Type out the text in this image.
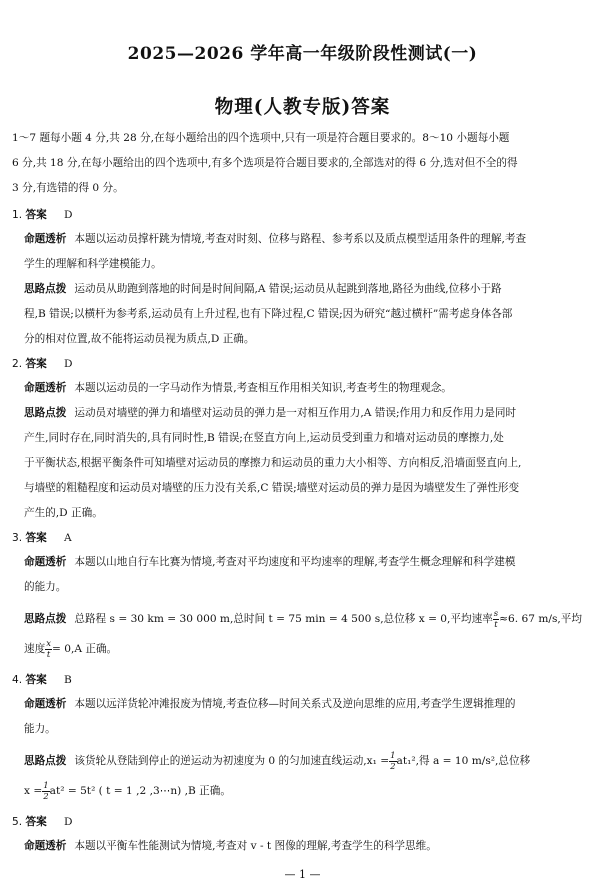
2025—2026 学年高一年级阶段性测试(一)
物理(人教专版)答案
1～7 题每小题 4 分,共 28 分,在每小题给出的四个选项中,只有一项是符合题目要求的。8～10 小题每小题
6 分,共 18 分,在每小题给出的四个选项中,有多个选项是符合题目要求的,全部选对的得 6 分,选对但不全的得
3 分,有选错的得 0 分。
1. 答案 D
命题透析 本题以运动员撑杆跳为情境,考查对时刻、位移与路程、参考系以及质点模型适用条件的理解,考查
学生的理解和科学建模能力。
思路点拨 运动员从助跑到落地的时间是时间间隔,A 错误;运动员从起跳到落地,路径为曲线,位移小于路
程,B 错误;以横杆为参考系,运动员有上升过程,也有下降过程,C 错误;因为研究“越过横杆”需考虑身体各部
分的相对位置,故不能将运动员视为质点,D 正确。
2. 答案 D
命题透析 本题以运动员的一字马动作为情景,考查相互作用相关知识,考查考生的物理观念。
思路点拨 运动员对墙壁的弹力和墙壁对运动员的弹力是一对相互作用力,A 错误;作用力和反作用力是同时
产生,同时存在,同时消失的,具有同时性,B 错误;在竖直方向上,运动员受到重力和墙对运动员的摩擦力,处
于平衡状态,根据平衡条件可知墙壁对运动员的摩擦力和运动员的重力大小相等、方向相反,沿墙面竖直向上,
与墙壁的粗糙程度和运动员对墙壁的压力没有关系,C 错误;墙壁对运动员的弹力是因为墙壁发生了弹性形变
产生的,D 正确。
3. 答案 A
命题透析 本题以山地自行车比赛为情境,考查对平均速度和平均速率的理解,考查学生概念理解和科学建模
的能力。
思路点拨 总路程 s = 30 km = 30 000 m,总时间 t = 75 min = 4 500 s,总位移 x = 0,平均速率 $\frac{s}{t} \approx 6$. 67 m/s,平均
速度 $\frac{x}{t} = 0,A$ 正确。
4. 答案 B
命题透析 本题以远洋货轮冲滩报废为情境,考查位移—时间关系式及逆向思维的应用,考查学生逻辑推理的
能力。
思路点拨 该货轮从登陆到停止的逆运动为初速度为 0 的匀加速直线运动$,x_1 = \frac{1}{2} at_1^2$,得 a = 10 m/s²,总位移
$x = \frac{1}{2} at^2 = 5t^2$ ( t = 1 ,2 ,3⋯n) ,B 正确。
5. 答案 D
命题透析 本题以平衡车性能测试为情境,考查对 v - t 图像的理解,考查学生的科学思维。
— 1 —
